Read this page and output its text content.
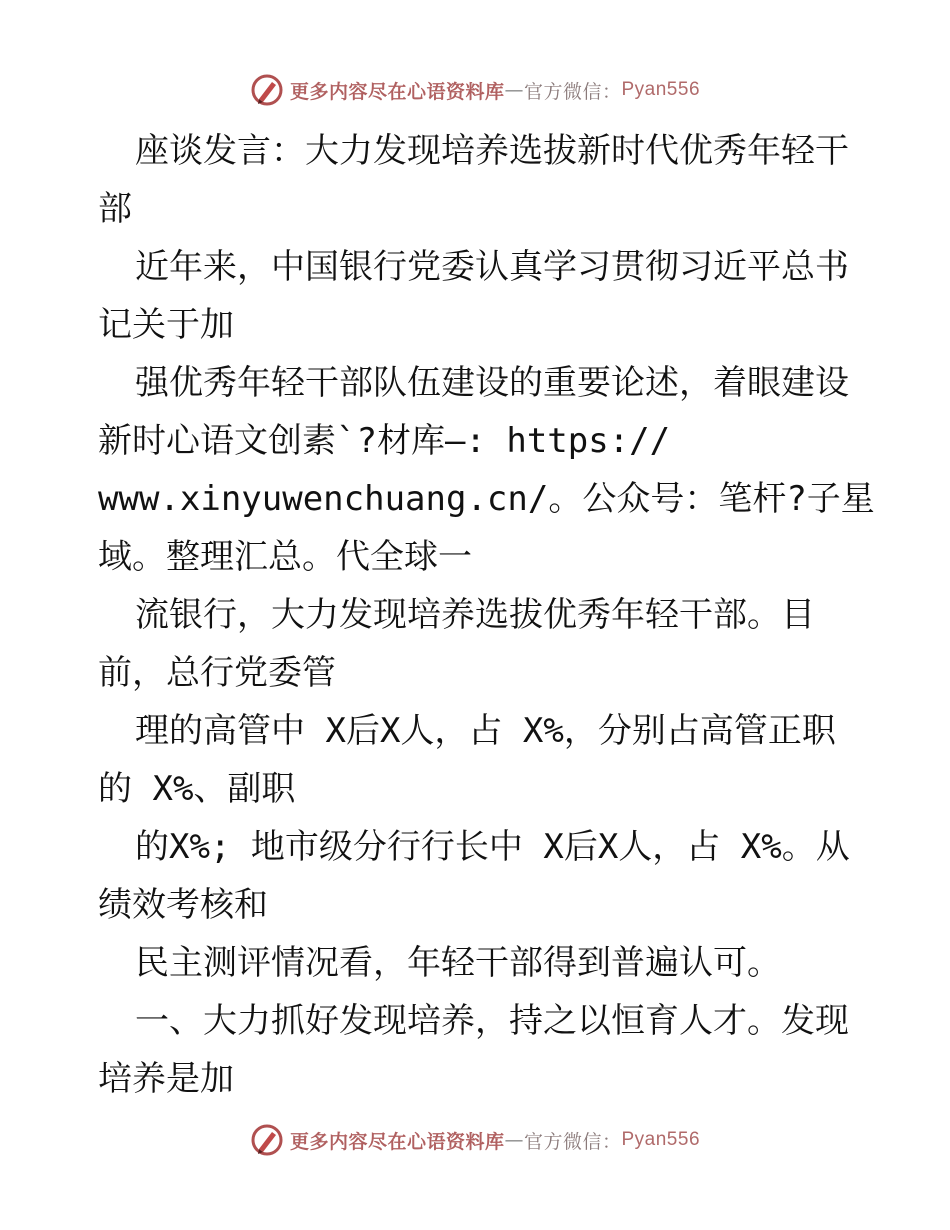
更多内容尽在心语资料库 — 官方微信： Pyan556
座谈发言：大力发现培养选拔新时代优秀年轻干
部
近年来，中国银行党委认真学习贯彻习近平总书
记关于加
强优秀年轻干部队伍建设的重要论述，着眼建设
新时心语文创素`?材库—: https://
www.xinyuwenchuang.cn/。公众号：笔杆?子星
域。整理汇总。代全球一
流银行，大力发现培养选拔优秀年轻干部。目
前，总行党委管
理的高管中 X后X人，占 X%，分别占高管正职
的 X%、副职
的X%; 地市级分行行长中 X后X人，占 X%。从
绩效考核和
民主测评情况看，年轻干部得到普遍认可。
一、大力抓好发现培养，持之以恒育人才。发现
培养是加
更多内容尽在心语资料库 — 官方微信： Pyan556
